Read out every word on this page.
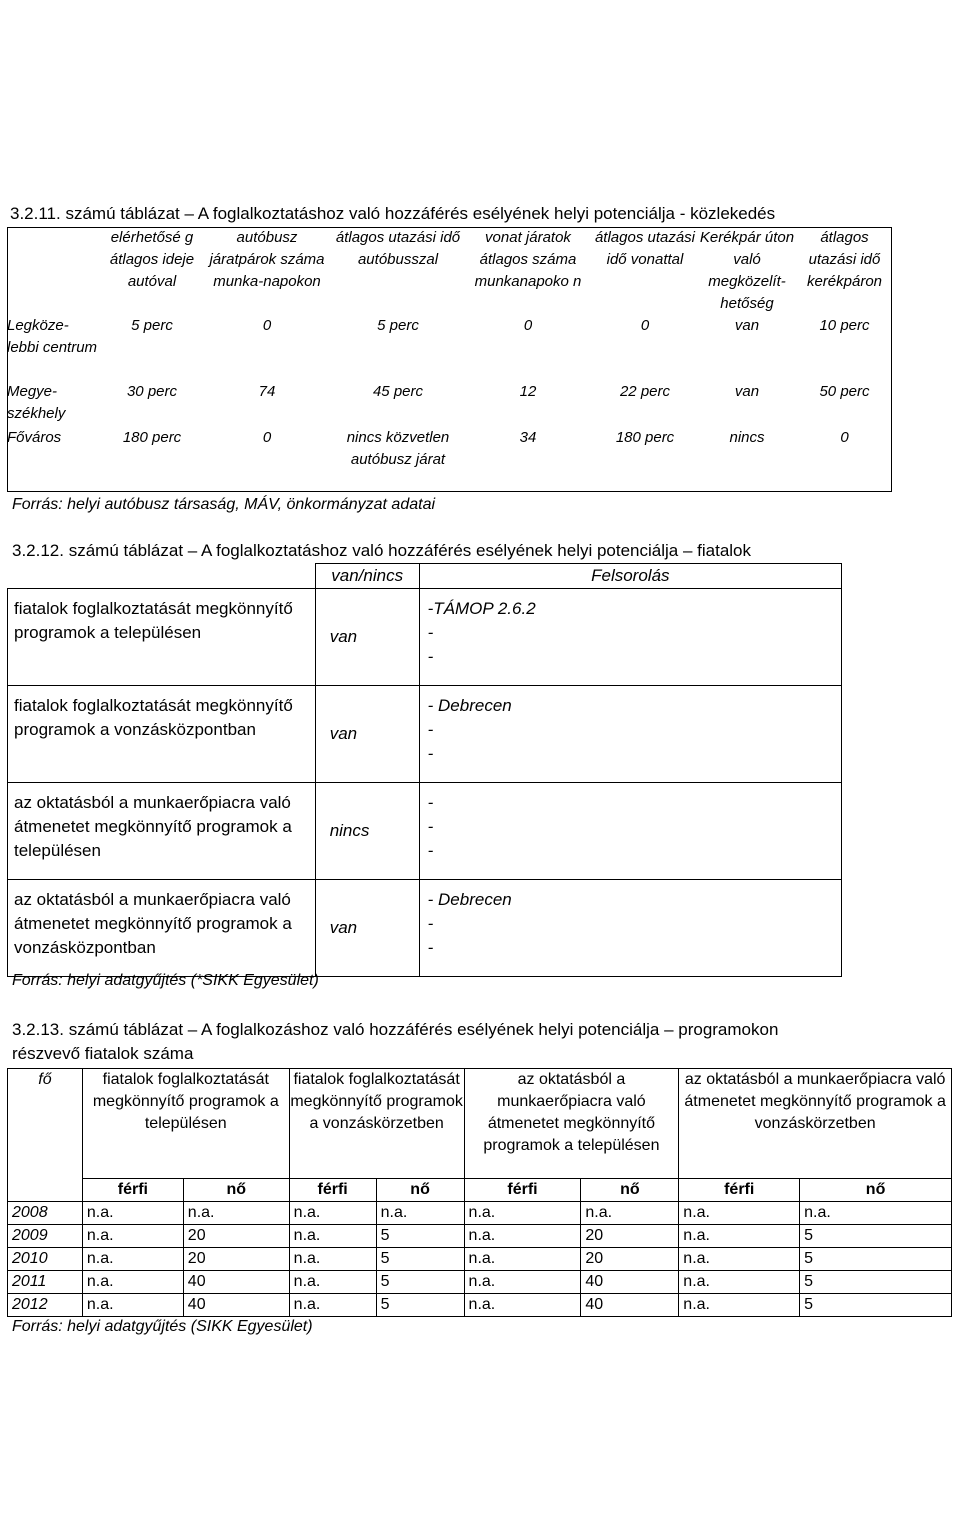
3.2.11. számú táblázat – A foglalkoztatáshoz való hozzáférés esélyének helyi potenciálja - közlekedés
	elérhetősé g átlagos ideje autóval	autóbusz járatpárok száma munka-napokon	átlagos utazási idő autóbusszal	vonat járatok átlagos száma munkanapoko n	átlagos utazási idő vonattal	Kerékpár úton való megközelít-hetőség	átlagos utazási idő kerékpáron
Legköze- lebbi centrum	5 perc	0	5 perc	0	0	van	10 perc
Megye- székhely	30 perc	74	45 perc	12	22 perc	van	50 perc
Főváros	180 perc	0	nincs közvetlen autóbusz járat	34	180 perc	nincs	0
Forrás: helyi autóbusz társaság, MÁV, önkormányzat adatai
3.2.12. számú táblázat – A foglalkoztatáshoz való hozzáférés esélyének helyi potenciálja – fiatalok
	van/nincs	Felsorolás
fiatalok foglalkoztatását megkönnyítő programok a településen	van	-TÁMOP 2.6.2
-
-

fiatalok foglalkoztatását megkönnyítő programok a vonzásközpontban	van	- Debrecen
-
-

az oktatásból a munkaerőpiacra való átmenetet megkönnyítő programok a településen	nincs	-
-
-

az oktatásból a munkaerőpiacra való átmenetet megkönnyítő programok a vonzásközpontban	van	- Debrecen
-
-
Forrás: helyi adatgyűjtés (*SIKK Egyesület)
3.2.13. számú táblázat – A foglalkozáshoz való hozzáférés esélyének helyi potenciálja – programokon
részvevő fiatalok száma
fő	fiatalok foglalkoztatását megkönnyítő programok a településen		fiatalok foglalkoztatását megkönnyítő programok a vonzáskörzetben		az oktatásból a munkaerőpiacra való átmenetet megkönnyítő programok a településen		az oktatásból a munkaerőpiacra való átmenetet megkönnyítő programok a vonzáskörzetben	
	férfi	nő	férfi	nő	férfi	nő	férfi	nő
2008	n.a.	n.a.	n.a.	n.a.	n.a.	n.a.	n.a.	n.a.
2009	n.a.	20	n.a.	5	n.a.	20	n.a.	5
2010	n.a.	20	n.a.	5	n.a.	20	n.a.	5
2011	n.a.	40	n.a.	5	n.a.	40	n.a.	5
2012	n.a.	40	n.a.	5	n.a.	40	n.a.	5
Forrás: helyi adatgyűjtés (SIKK Egyesület)
